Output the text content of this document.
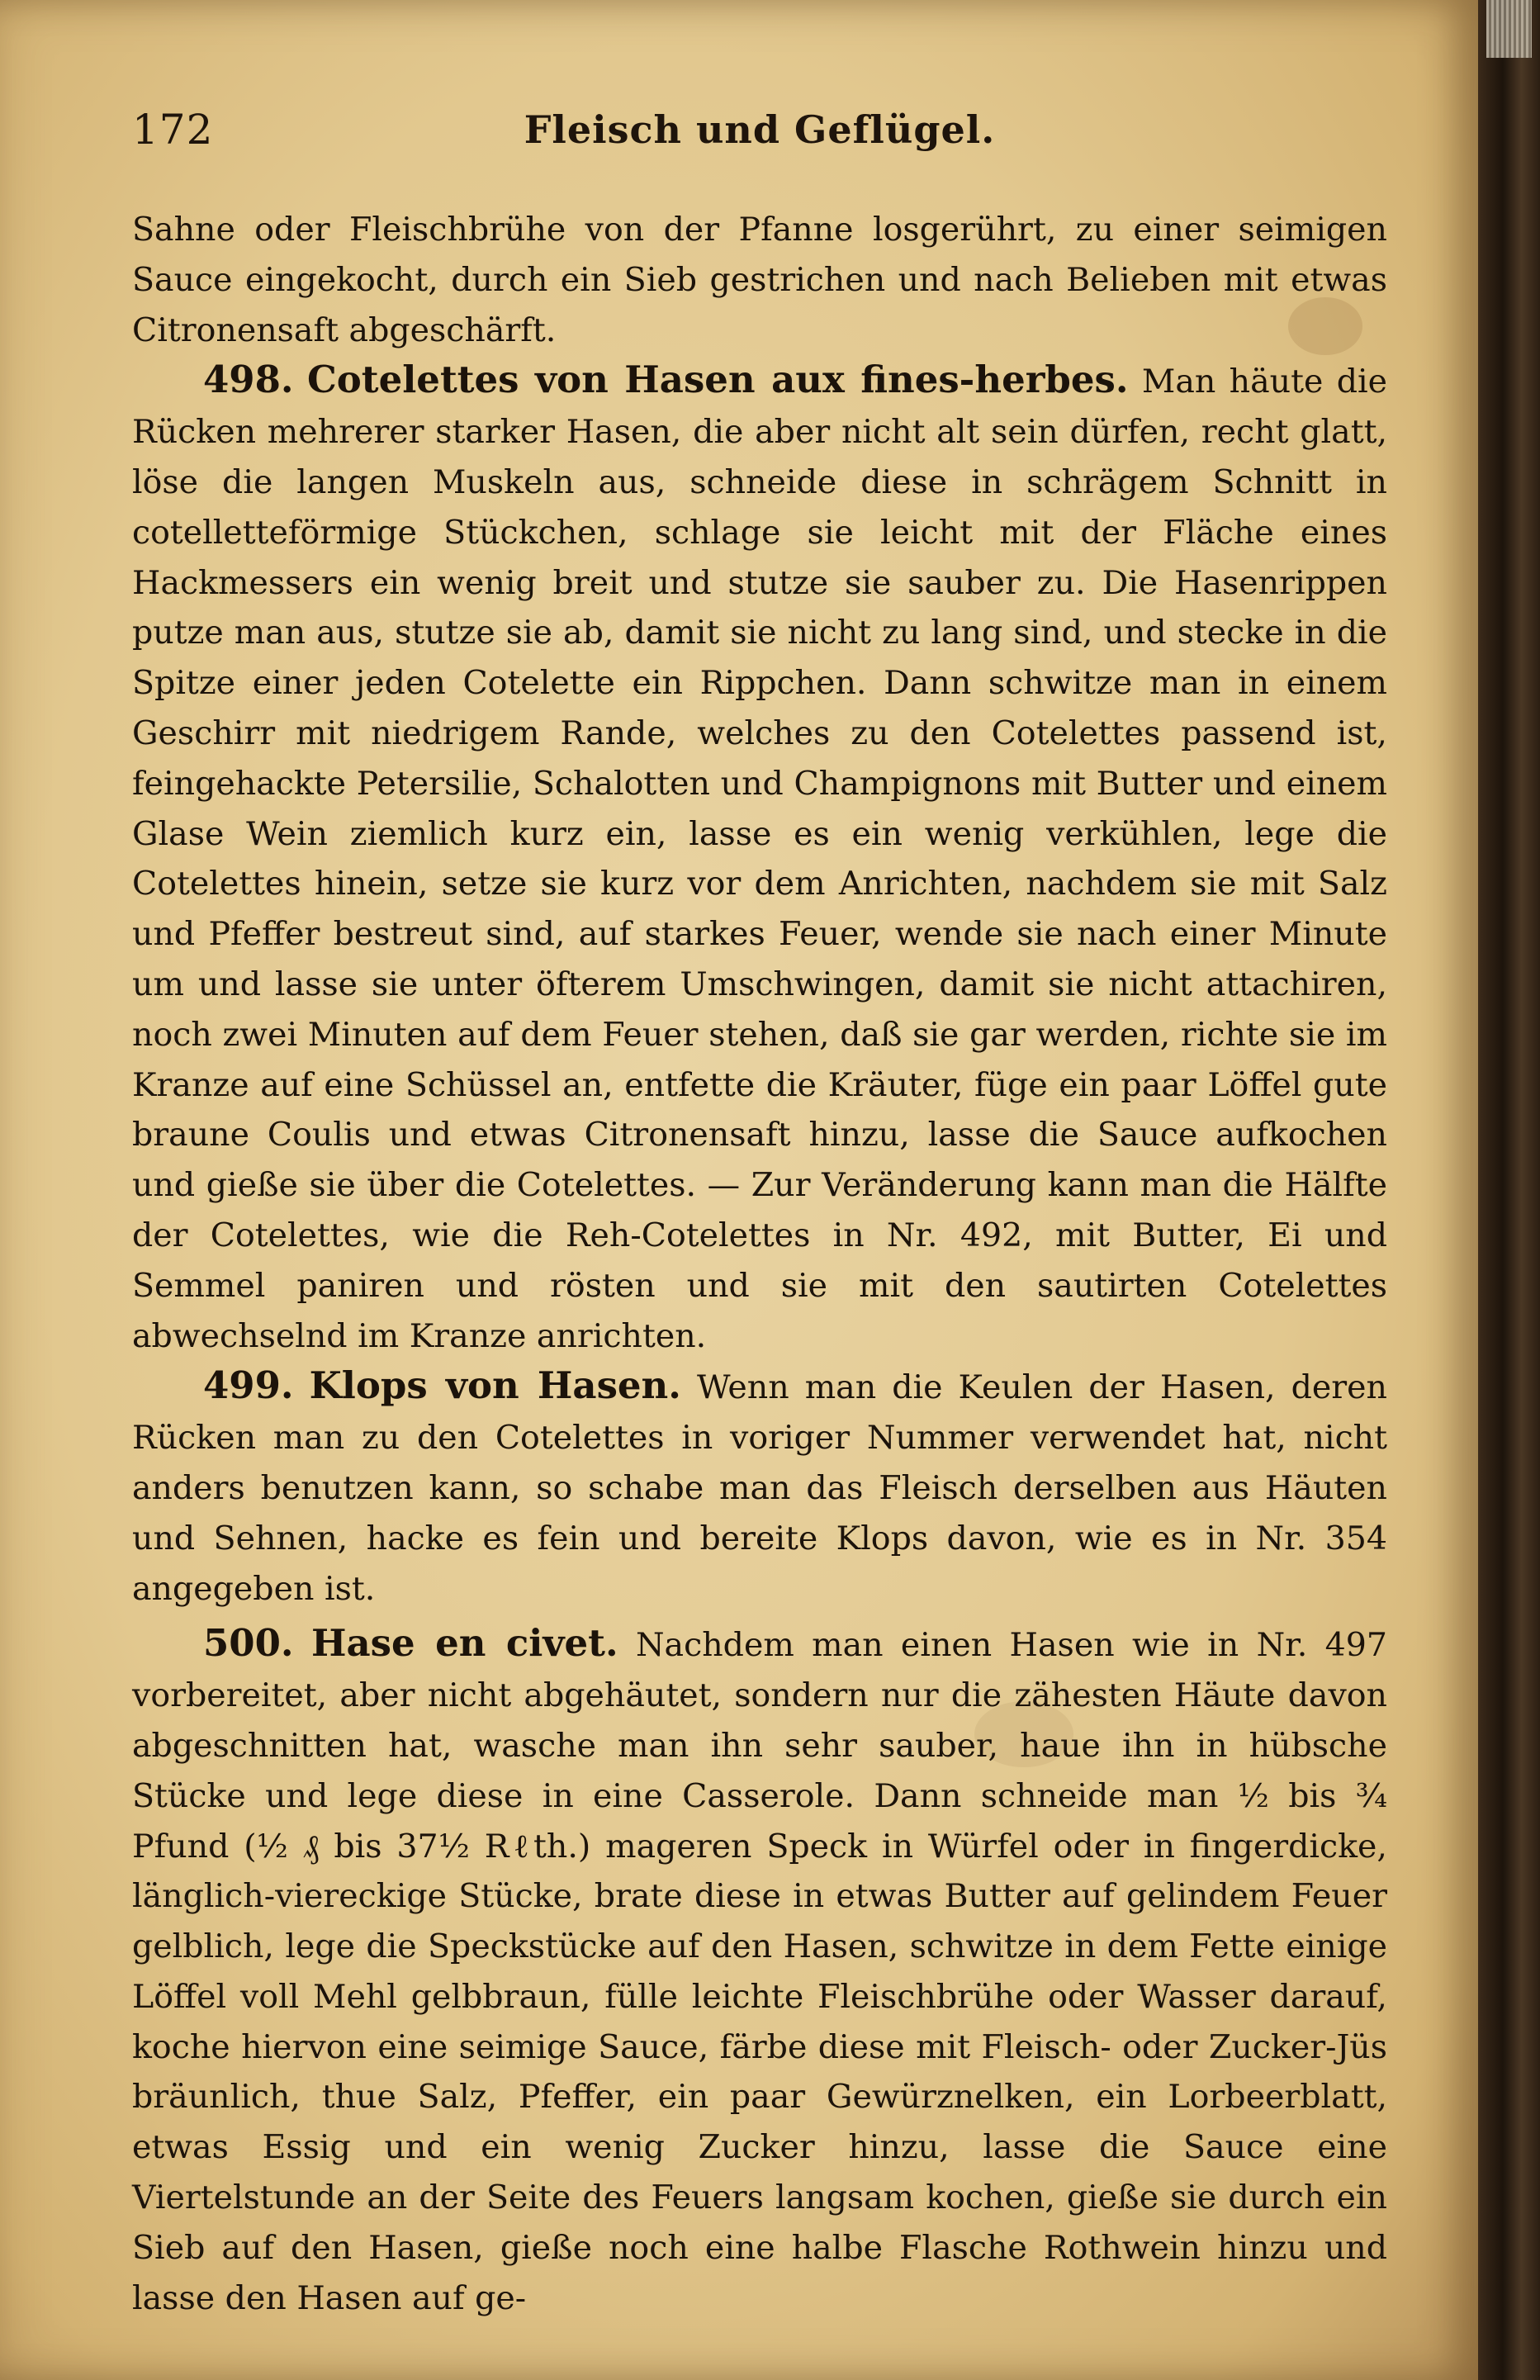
172	Fleisch und Geflügel.

Sahne oder Fleischbrühe von der Pfanne losgerührt, zu einer seimigen Sauce eingekocht, durch ein Sieb gestrichen und nach Belieben mit etwas Citronensaft abgeschärft.

498. Cotelettes von Hasen aux fines-herbes. Man häute die Rücken mehrerer starker Hasen, die aber nicht alt sein dürfen, recht glatt, löse die langen Muskeln aus, schneide diese in schrägem Schnitt in cotelletteförmige Stückchen, schlage sie leicht mit der Fläche eines Hackmessers ein wenig breit und stutze sie sauber zu. Die Hasenrippen putze man aus, stutze sie ab, damit sie nicht zu lang sind, und stecke in die Spitze einer jeden Cotelette ein Rippchen. Dann schwitze man in einem Geschirr mit niedrigem Rande, welches zu den Cotelettes passend ist, feingehackte Petersilie, Schalotten und Champignons mit Butter und einem Glase Wein ziemlich kurz ein, lasse es ein wenig verkühlen, lege die Cotelettes hinein, setze sie kurz vor dem Anrichten, nachdem sie mit Salz und Pfeffer bestreut sind, auf starkes Feuer, wende sie nach einer Minute um und lasse sie unter öfterem Umschwingen, damit sie nicht attachiren, noch zwei Minuten auf dem Feuer stehen, daß sie gar werden, richte sie im Kranze auf eine Schüssel an, entfette die Kräuter, füge ein paar Löffel gute braune Coulis und etwas Citronensaft hinzu, lasse die Sauce aufkochen und gieße sie über die Cotelettes. — Zur Veränderung kann man die Hälfte der Cotelettes, wie die Reh-Cotelettes in Nr. 492, mit Butter, Ei und Semmel paniren und rösten und sie mit den sautirten Cotelettes abwechselnd im Kranze anrichten.

499. Klops von Hasen. Wenn man die Keulen der Hasen, deren Rücken man zu den Cotelettes in voriger Nummer verwendet hat, nicht anders benutzen kann, so schabe man das Fleisch derselben aus Häuten und Sehnen, hacke es fein und bereite Klops davon, wie es in Nr. 354 angegeben ist.

500. Hase en civet. Nachdem man einen Hasen wie in Nr. 497 vorbereitet, aber nicht abgehäutet, sondern nur die zähesten Häute davon abgeschnitten hat, wasche man ihn sehr sauber, haue ihn in hübsche Stücke und lege diese in eine Casserole. Dann schneide man ½ bis ¾ Pfund (½ ₰ bis 37½ Rℓth.) mageren Speck in Würfel oder in fingerdicke, länglich-viereckige Stücke, brate diese in etwas Butter auf gelindem Feuer gelblich, lege die Speckstücke auf den Hasen, schwitze in dem Fette einige Löffel voll Mehl gelbbraun, fülle leichte Fleischbrühe oder Wasser darauf, koche hiervon eine seimige Sauce, färbe diese mit Fleisch- oder Zucker-Jüs bräunlich, thue Salz, Pfeffer, ein paar Gewürznelken, ein Lorbeerblatt, etwas Essig und ein wenig Zucker hinzu, lasse die Sauce eine Viertelstunde an der Seite des Feuers langsam kochen, gieße sie durch ein Sieb auf den Hasen, gieße noch eine halbe Flasche Rothwein hinzu und lasse den Hasen auf ge-
